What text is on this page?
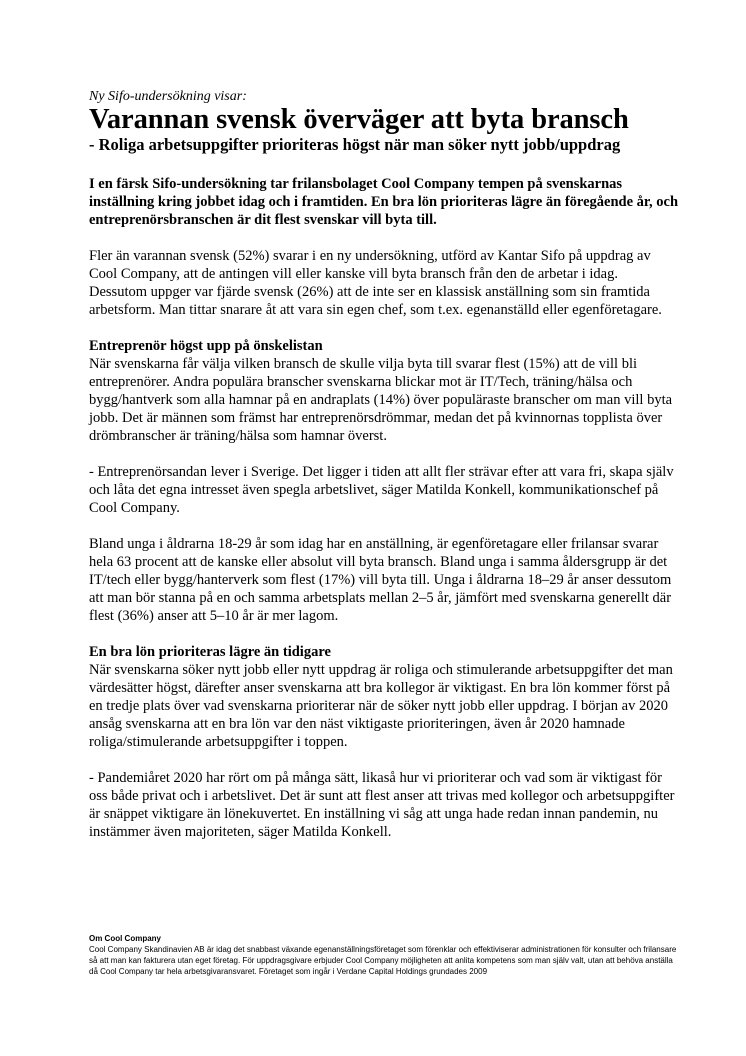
Ny Sifo-undersökning visar:

Varannan svensk överväger att byta bransch

- Roliga arbetsuppgifter prioriteras högst när man söker nytt jobb/uppdrag

I en färsk Sifo-undersökning tar frilansbolaget Cool Company tempen på svenskarnas inställning kring jobbet idag och i framtiden. En bra lön prioriteras lägre än föregående år, och entreprenörsbranschen är dit flest svenskar vill byta till.

Fler än varannan svensk (52%) svarar i en ny undersökning, utförd av Kantar Sifo på uppdrag av Cool Company, att de antingen vill eller kanske vill byta bransch från den de arbetar i idag. Dessutom uppger var fjärde svensk (26%) att de inte ser en klassisk anställning som sin framtida arbetsform. Man tittar snarare åt att vara sin egen chef, som t.ex. egenanställd eller egenföretagare.

Entreprenör högst upp på önskelistan

När svenskarna får välja vilken bransch de skulle vilja byta till svarar flest (15%) att de vill bli entreprenörer. Andra populära branscher svenskarna blickar mot är IT/Tech, träning/hälsa och bygg/hantverk som alla hamnar på en andraplats (14%) över populäraste branscher om man vill byta jobb. Det är männen som främst har entreprenörsdrömmar, medan det på kvinnornas topplista över drömbranscher är träning/hälsa som hamnar överst.

- Entreprenörsandan lever i Sverige. Det ligger i tiden att allt fler strävar efter att vara fri, skapa själv och låta det egna intresset även spegla arbetslivet, säger Matilda Konkell, kommunikationschef på Cool Company.

Bland unga i åldrarna 18-29 år som idag har en anställning, är egenföretagare eller frilansar svarar hela 63 procent att de kanske eller absolut vill byta bransch. Bland unga i samma åldersgrupp är det IT/tech eller bygg/hanterverk som flest (17%) vill byta till. Unga i åldrarna 18–29 år anser dessutom att man bör stanna på en och samma arbetsplats mellan 2–5 år, jämfört med svenskarna generellt där flest (36%) anser att 5–10 år är mer lagom.

En bra lön prioriteras lägre än tidigare

När svenskarna söker nytt jobb eller nytt uppdrag är roliga och stimulerande arbetsuppgifter det man värdesätter högst, därefter anser svenskarna att bra kollegor är viktigast. En bra lön kommer först på en tredje plats över vad svenskarna prioriterar när de söker nytt jobb eller uppdrag. I början av 2020 ansåg svenskarna att en bra lön var den näst viktigaste prioriteringen, även år 2020 hamnade roliga/stimulerande arbetsuppgifter i toppen.

- Pandemiåret 2020 har rört om på många sätt, likaså hur vi prioriterar och vad som är viktigast för oss både privat och i arbetslivet. Det är sunt att flest anser att trivas med kollegor och arbetsuppgifter är snäppet viktigare än lönekuvertet. En inställning vi såg att unga hade redan innan pandemin, nu instämmer även majoriteten, säger Matilda Konkell.

Om Cool Company

Cool Company Skandinavien AB är idag det snabbast växande egenanställningsföretaget som förenklar och effektiviserar administrationen för konsulter och frilansare så att man kan fakturera utan eget företag. För uppdragsgivare erbjuder Cool Company möjligheten att anlita kompetens som man själv valt, utan att behöva anställa då Cool Company tar hela arbetsgivaransvaret. Företaget som ingår i Verdane Capital Holdings grundades 2009
